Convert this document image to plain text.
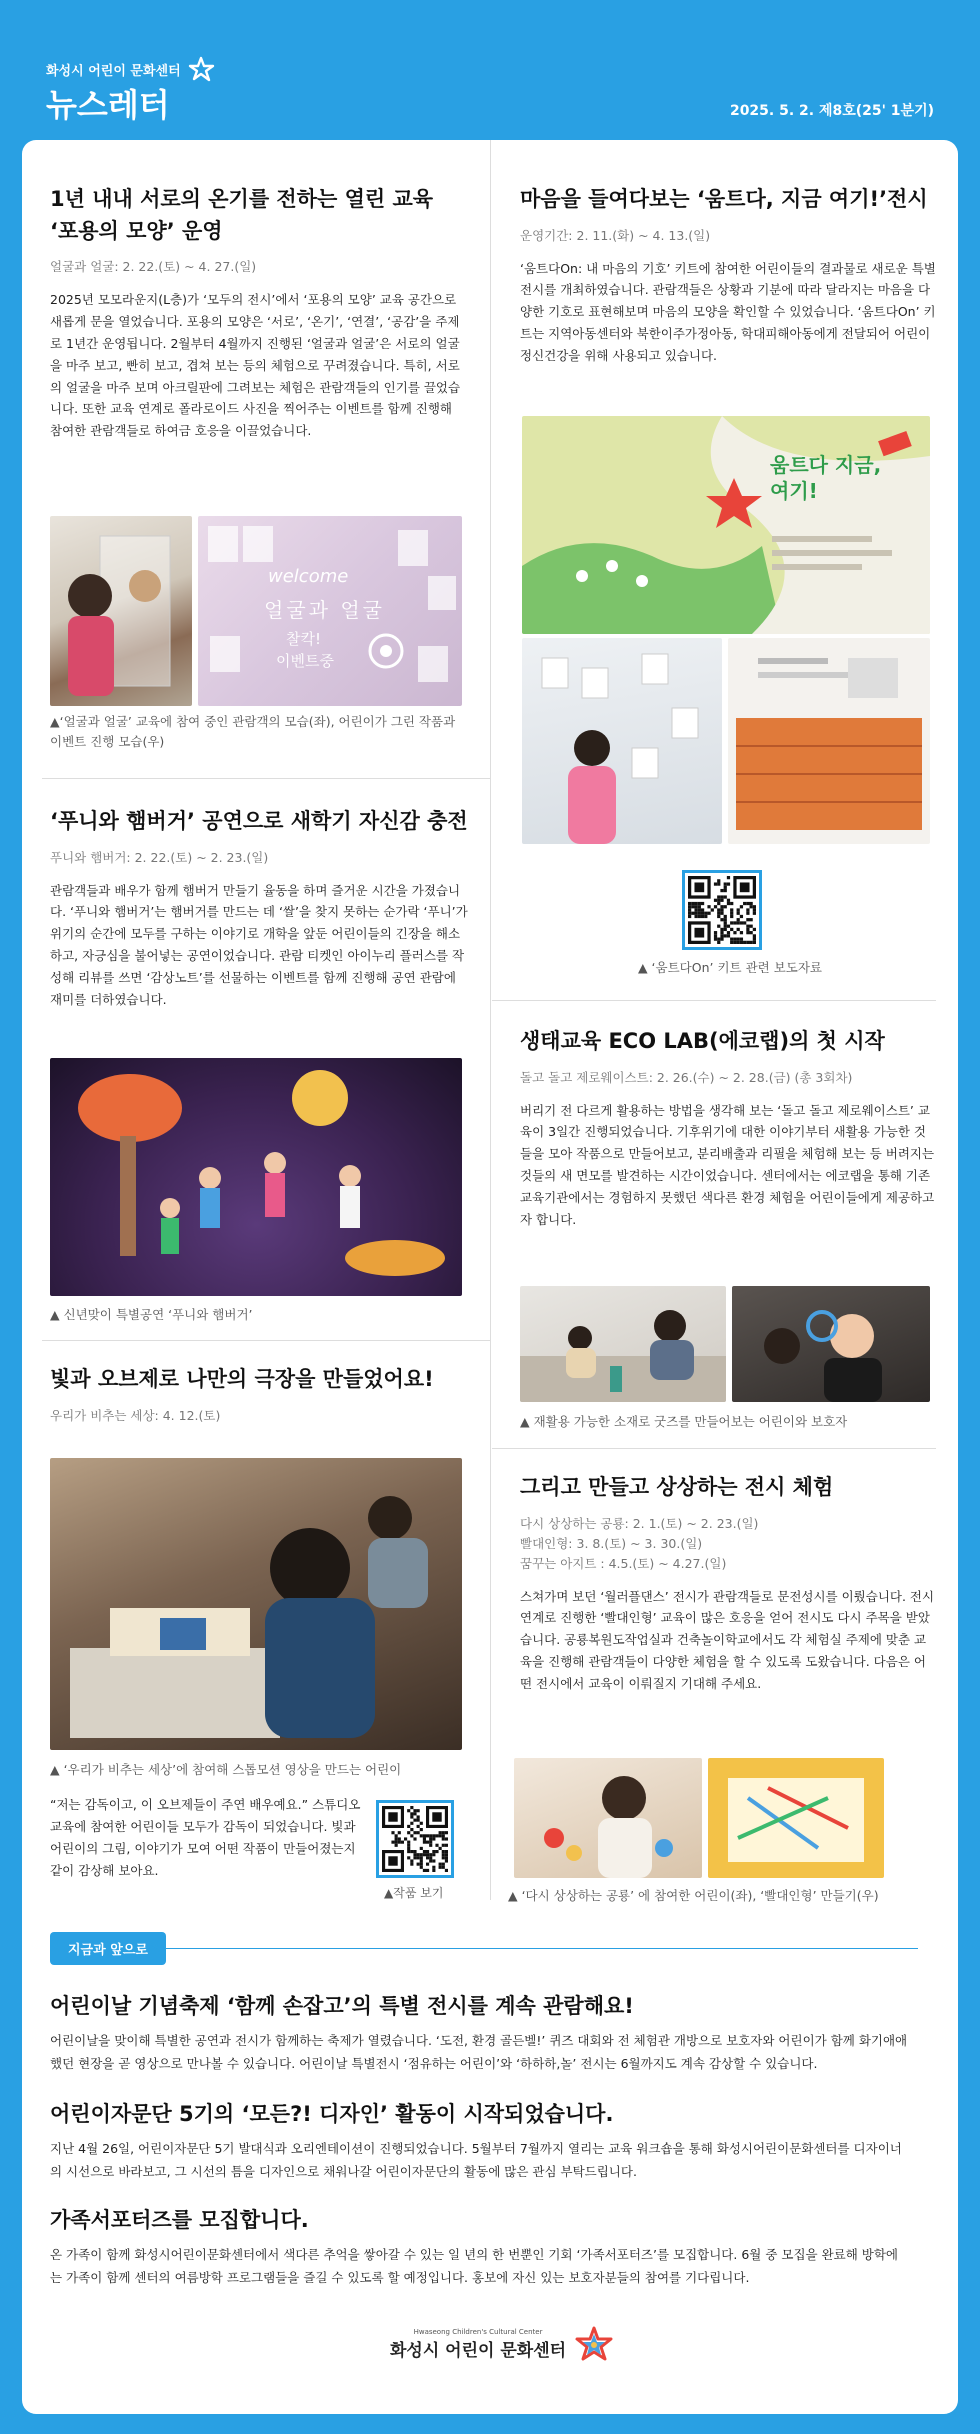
화성시 어린이 문화센터
뉴스레터	2025. 5. 2. 제8호(25' 1분기)
1년 내내 서로의 온기를 전하는 열린 교육 ‘포용의 모양’ 운영
얼굴과 얼굴: 2. 22.(토) ~ 4. 27.(일)
2025년 모모라운지(L층)가 ‘모두의 전시’에서 ‘포용의 모양’ 교육 공간으로 새롭게 문을 열었습니다. 포용의 모양은 ‘서로’, ‘온기’, ‘연결’, ‘공감’을 주제로 1년간 운영됩니다. 2월부터 4월까지 진행된 ‘얼굴과 얼굴’은 서로의 얼굴을 마주 보고, 빤히 보고, 겹쳐 보는 등의 체험으로 꾸려졌습니다. 특히, 서로의 얼굴을 마주 보며 아크릴판에 그려보는 체험은 관람객들의 인기를 끌었습니다. 또한 교육 연계로 폴라로이드 사진을 찍어주는 이벤트를 함께 진행해 참여한 관람객들로 하여금 호응을 이끌었습니다.
welcome
얼굴과 얼굴
찰칵!
이벤트중
▲‘얼굴과 얼굴’ 교육에 참여 중인 관람객의 모습(좌), 어린이가 그린 작품과 이벤트 진행 모습(우)
‘푸니와 햄버거’ 공연으로 새학기 자신감 충전
푸니와 햄버거: 2. 22.(토) ~ 2. 23.(일)
관람객들과 배우가 함께 햄버거 만들기 율동을 하며 즐거운 시간을 가졌습니다. ‘푸니와 햄버거’는 햄버거를 만드는 데 ‘쌀’을 찾지 못하는 순가락 ‘푸니’가 위기의 순간에 모두를 구하는 이야기로 개학을 앞둔 어린이들의 긴장을 해소하고, 자긍심을 불어넣는 공연이었습니다. 관람 티켓인 아이누리 플러스를 작성해 리뷰를 쓰면 ‘감상노트’를 선물하는 이벤트를 함께 진행해 공연 관람에 재미를 더하였습니다.
▲ 신년맞이 특별공연 ‘푸니와 햄버거’
빛과 오브제로 나만의 극장을 만들었어요!
우리가 비추는 세상: 4. 12.(토)
▲ ‘우리가 비추는 세상’에 참여해 스톱모션 영상을 만드는 어린이
“저는 감독이고, 이 오브제들이 주연 배우예요.” 스튜디오 교육에 참여한 어린이들 모두가 감독이 되었습니다. 빛과 어린이의 그림, 이야기가 모여 어떤 작품이 만들어졌는지 같이 감상해 보아요.
▲작품 보기
마음을 들여다보는 ‘움트다, 지금 여기!’전시
운영기간: 2. 11.(화) ~ 4. 13.(일)
‘움트다On: 내 마음의 기호’ 키트에 참여한 어린이들의 결과물로 새로운 특별전시를 개최하였습니다. 관람객들은 상황과 기분에 따라 달라지는 마음을 다양한 기호로 표현해보며 마음의 모양을 확인할 수 있었습니다. ‘움트다On’ 키트는 지역아동센터와 북한이주가정아동, 학대피해아동에게 전달되어 어린이 정신건강을 위해 사용되고 있습니다.
움트다 지금, 여기!
▲ ‘움트다On’ 키트 관련 보도자료
생태교육 ECO LAB(에코랩)의 첫 시작
돌고 돌고 제로웨이스트: 2. 26.(수) ~ 2. 28.(금) (총 3회차)
버리기 전 다르게 활용하는 방법을 생각해 보는 ‘돌고 돌고 제로웨이스트’ 교육이 3일간 진행되었습니다. 기후위기에 대한 이야기부터 새활용 가능한 것들을 모아 작품으로 만들어보고, 분리배출과 리필을 체험해 보는 등 버려지는 것들의 새 면모를 발견하는 시간이었습니다. 센터에서는 에코랩을 통해 기존 교육기관에서는 경험하지 못했던 색다른 환경 체험을 어린이들에게 제공하고자 합니다.
▲ 재활용 가능한 소재로 굿즈를 만들어보는 어린이와 보호자
그리고 만들고 상상하는 전시 체험
다시 상상하는 공룡: 2. 1.(토) ~ 2. 23.(일)
빨대인형: 3. 8.(토) ~ 3. 30.(일)
꿈꾸는 아지트 : 4.5.(토) ~ 4.27.(일)
스쳐가며 보던 ‘월러플댄스’ 전시가 관람객들로 문전성시를 이뤘습니다. 전시 연계로 진행한 ‘빨대인형’ 교육이 많은 호응을 얻어 전시도 다시 주목을 받았습니다. 공룡복원도작업실과 건축놀이학교에서도 각 체험실 주제에 맞춘 교육을 진행해 관람객들이 다양한 체험을 할 수 있도록 도왔습니다. 다음은 어떤 전시에서 교육이 이뤄질지 기대해 주세요.
▲ ‘다시 상상하는 공룡’ 에 참여한 어린이(좌), ‘빨대인형’ 만들기(우)
지금과 앞으로
어린이날 기념축제 ‘함께 손잡고’의 특별 전시를 계속 관람해요!

어린이날을 맞이해 특별한 공연과 전시가 함께하는 축제가 열렸습니다. ‘도전, 환경 골든벨!’ 퀴즈 대회와 전 체험관 개방으로 보호자와 어린이가 함께 화기애애했던 현장을 곧 영상으로 만나볼 수 있습니다. 어린이날 특별전시 ‘점유하는 어린이’와 ‘하하하,놀’ 전시는 6월까지도 계속 감상할 수 있습니다.

어린이자문단 5기의 ‘모든?! 디자인’ 활동이 시작되었습니다.

지난 4월 26일, 어린이자문단 5기 발대식과 오리엔테이션이 진행되었습니다. 5월부터 7월까지 열리는 교육 워크숍을 통해 화성시어린이문화센터를 디자이너의 시선으로 바라보고, 그 시선의 틈을 디자인으로 채워나갈 어린이자문단의 활동에 많은 관심 부탁드립니다.

가족서포터즈를 모집합니다.

온 가족이 함께 화성시어린이문화센터에서 색다른 추억을 쌓아갈 수 있는 일 년의 한 번뿐인 기회 ‘가족서포터즈’를 모집합니다. 6월 중 모집을 완료해 방학에는 가족이 함께 센터의 여름방학 프로그램들을 즐길 수 있도록 할 예정입니다. 홍보에 자신 있는 보호자분들의 참여를 기다립니다.

Hwaseong Children's Cultural Center
화성시 어린이 문화센터
